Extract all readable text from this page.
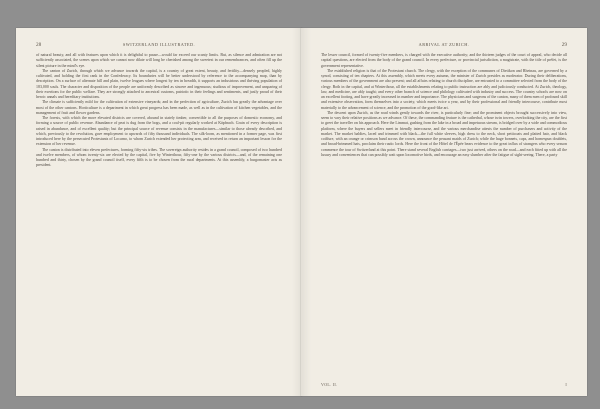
28	SWITZERLAND ILLUSTRATED.

of natural beauty, and all with features upon which it is delightful to pause—would far exceed our scanty limits. But, as silence and admiration are not sufficiently associated, the scenes upon which we cannot now dilate will long be cherished among the sweetest in our remembrances, and often fill up the silent picture in the mind's eye.

The canton of Zurich, through which we advance towards the capital, is a country of great extent, beauty, and fertility—densely peopled, highly cultivated, and holding the first rank in the Confederacy. Its boundaries will be better understood by reference to the accompanying map, than by description. On a surface of alternate hill and plain, twelve leagues where longest by ten in breadth, it supports an industrious and thriving population of 183,000 souls. The character and disposition of the people are uniformly described as sincere and ingenuous; studious of improvement, and unsparing of their exertions for the public welfare. They are strongly attached to ancestral customs, patriotic in their feelings and sentiments, and justly proud of their heroic annals and hereditary institutions.

The climate is sufficiently mild for the cultivation of extensive vineyards; and in the perfection of agriculture, Zurich has greatly the advantage over most of the other cantons. Horticulture is a department in which great progress has been made, as well as in the cultivation of kitchen vegetables, and the management of fruit and flower gardens.

The forests, with which the more elevated districts are covered, abound in stately timber, convertible to all the purposes of domestic economy, and forming a source of public revenue. Abundance of peat is dug from the bogs, and a coal-pit regularly worked at Käpfnach. Grain of every description is raised in abundance, and of excellent quality; but the principal source of revenue consists in the manufactures—similar to those already described, and which, previously to the revolution, gave employment to upwards of fifty thousand individuals. The silk-loom, as mentioned in a former page, was first introduced here by the persecuted Protestants of Locarno, to whom Zurich extended her protecting arm, and received in return an important lesson for the extension of her revenue.

The canton is distributed into eleven prefectures, forming fifty-six tribes. The sovereign authority resides in a grand council, composed of two hundred and twelve members, of whom twenty-six are elected by the capital, five by Winterthour, fifty-one by the various districts—and, of the remaining one hundred and thirty, chosen by the grand council itself, every fifth is to be chosen from the rural departments. At this assembly, a burgomaster acts as president.

ARRIVAL AT ZURICH.	29

The lesser council, formed of twenty-five members, is charged with the executive authority; and the thirteen judges of the court of appeal, who decide all capital questions, are elected from the body of the grand council. In every prefecture, or provincial jurisdiction, a magistrate, with the title of préfet, is the government representative.

The established religion is that of the Protestant church. The clergy, with the exception of the communes of Dietikon and Rheinau, are governed by a synod, consisting of ten chapters. At this assembly, which meets every autumn, the minister of Zurich presides as moderator. During their deliberations, various members of the government are also present; and all affairs relating to church discipline, are entrusted to a committee selected from the body of the clergy. Both in the capital, and at Winterthour, all the establishments relating to public instruction are ably and judiciously conducted. At Zurich, theology, law, and medicine, are ably taught; and every other branch of science and philology cultivated with industry and success. The country schools are now on an excellent footing, and have greatly increased in number and importance. The physicians and surgeons of the canton, many of them men of profound skill and extensive observation, form themselves into a society, which meets twice a year, and by their professional and friendly intercourse, contribute most materially to the advancement of science, and the promotion of the good-like art.

The descent upon Zurich, as the road winds gently towards the river, is particularly fine; and the prominent objects brought successively into view, seem to vary their relative positions as we advance. Of these, the commanding feature is the cathedral, whose twin towers, overlooking the city, are the first to greet the traveller on his approach. Here the Limmat, gushing from the lake in a broad and impetuous stream, is bridged over by a wide and commodious platform, where the buyers and sellers meet in friendly intercourse, and the various merchandise attests the number of purchasers and activity of the market. The market baldies, laced and trimmed with black—the full white sleeves, high dress to the neck, short petticoats and plaited hair, and black coiffure, with an orange or crimson band across the crown, announce the peasant maids of Zurich; while the huge bonnets, caps, and homespun doublets, and broad-brimmed hats, proclaim their rustic lords. Here the front of the Hôtel de l'Épée bears evidence to the great influx of strangers who every season commence the tour of Switzerland at this point. There stand several English carriages—two just arrived, others on the road—and each fitted up with all the luxury and conveniences that can possibly wait upon locomotive birds, and encourage an easy slumber after the fatigue of sight-seeing. There, a party

VOL. II.	I
